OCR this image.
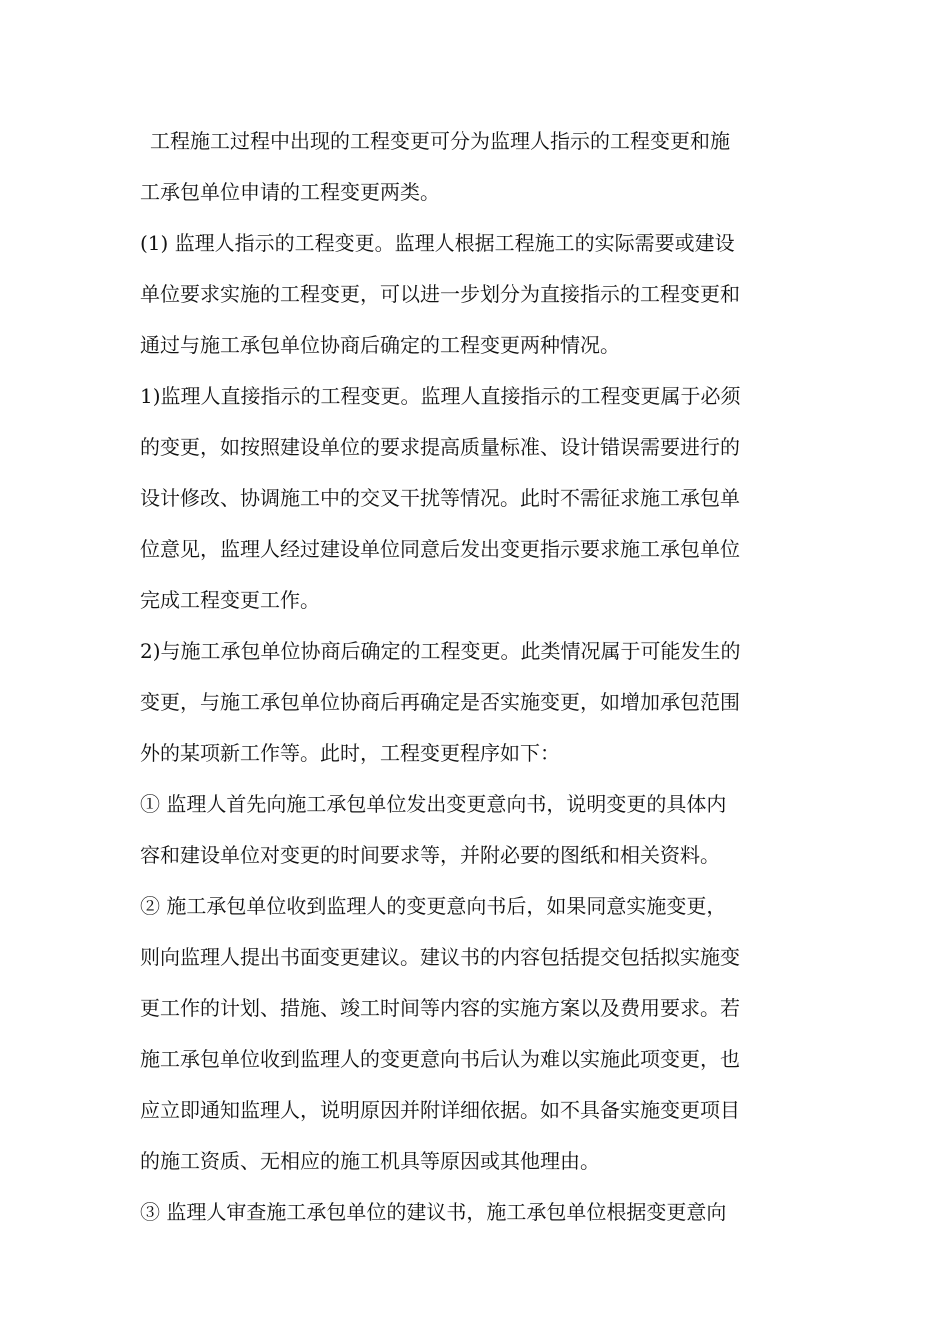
工程施工过程中出现的工程变更可分为监理人指示的工程变更和施
工承包单位申请的工程变更两类。
(1) 监理人指示的工程变更。监理人根据工程施工的实际需要或建设
单位要求实施的工程变更，可以进一步划分为直接指示的工程变更和
通过与施工承包单位协商后确定的工程变更两种情况。
1)监理人直接指示的工程变更。监理人直接指示的工程变更属于必须
的变更，如按照建设单位的要求提高质量标准、设计错误需要进行的
设计修改、协调施工中的交叉干扰等情况。此时不需征求施工承包单
位意见，监理人经过建设单位同意后发出变更指示要求施工承包单位
完成工程变更工作。
2)与施工承包单位协商后确定的工程变更。此类情况属于可能发生的
变更，与施工承包单位协商后再确定是否实施变更，如增加承包范围
外的某项新工作等。此时，工程变更程序如下：
① 监理人首先向施工承包单位发出变更意向书，说明变更的具体内
容和建设单位对变更的时间要求等，并附必要的图纸和相关资料。
② 施工承包单位收到监理人的变更意向书后，如果同意实施变更，
则向监理人提出书面变更建议。建议书的内容包括提交包括拟实施变
更工作的计划、措施、竣工时间等内容的实施方案以及费用要求。若
施工承包单位收到监理人的变更意向书后认为难以实施此项变更，也
应立即通知监理人，说明原因并附详细依据。如不具备实施变更项目
的施工资质、无相应的施工机具等原因或其他理由。
③ 监理人审查施工承包单位的建议书，施工承包单位根据变更意向
